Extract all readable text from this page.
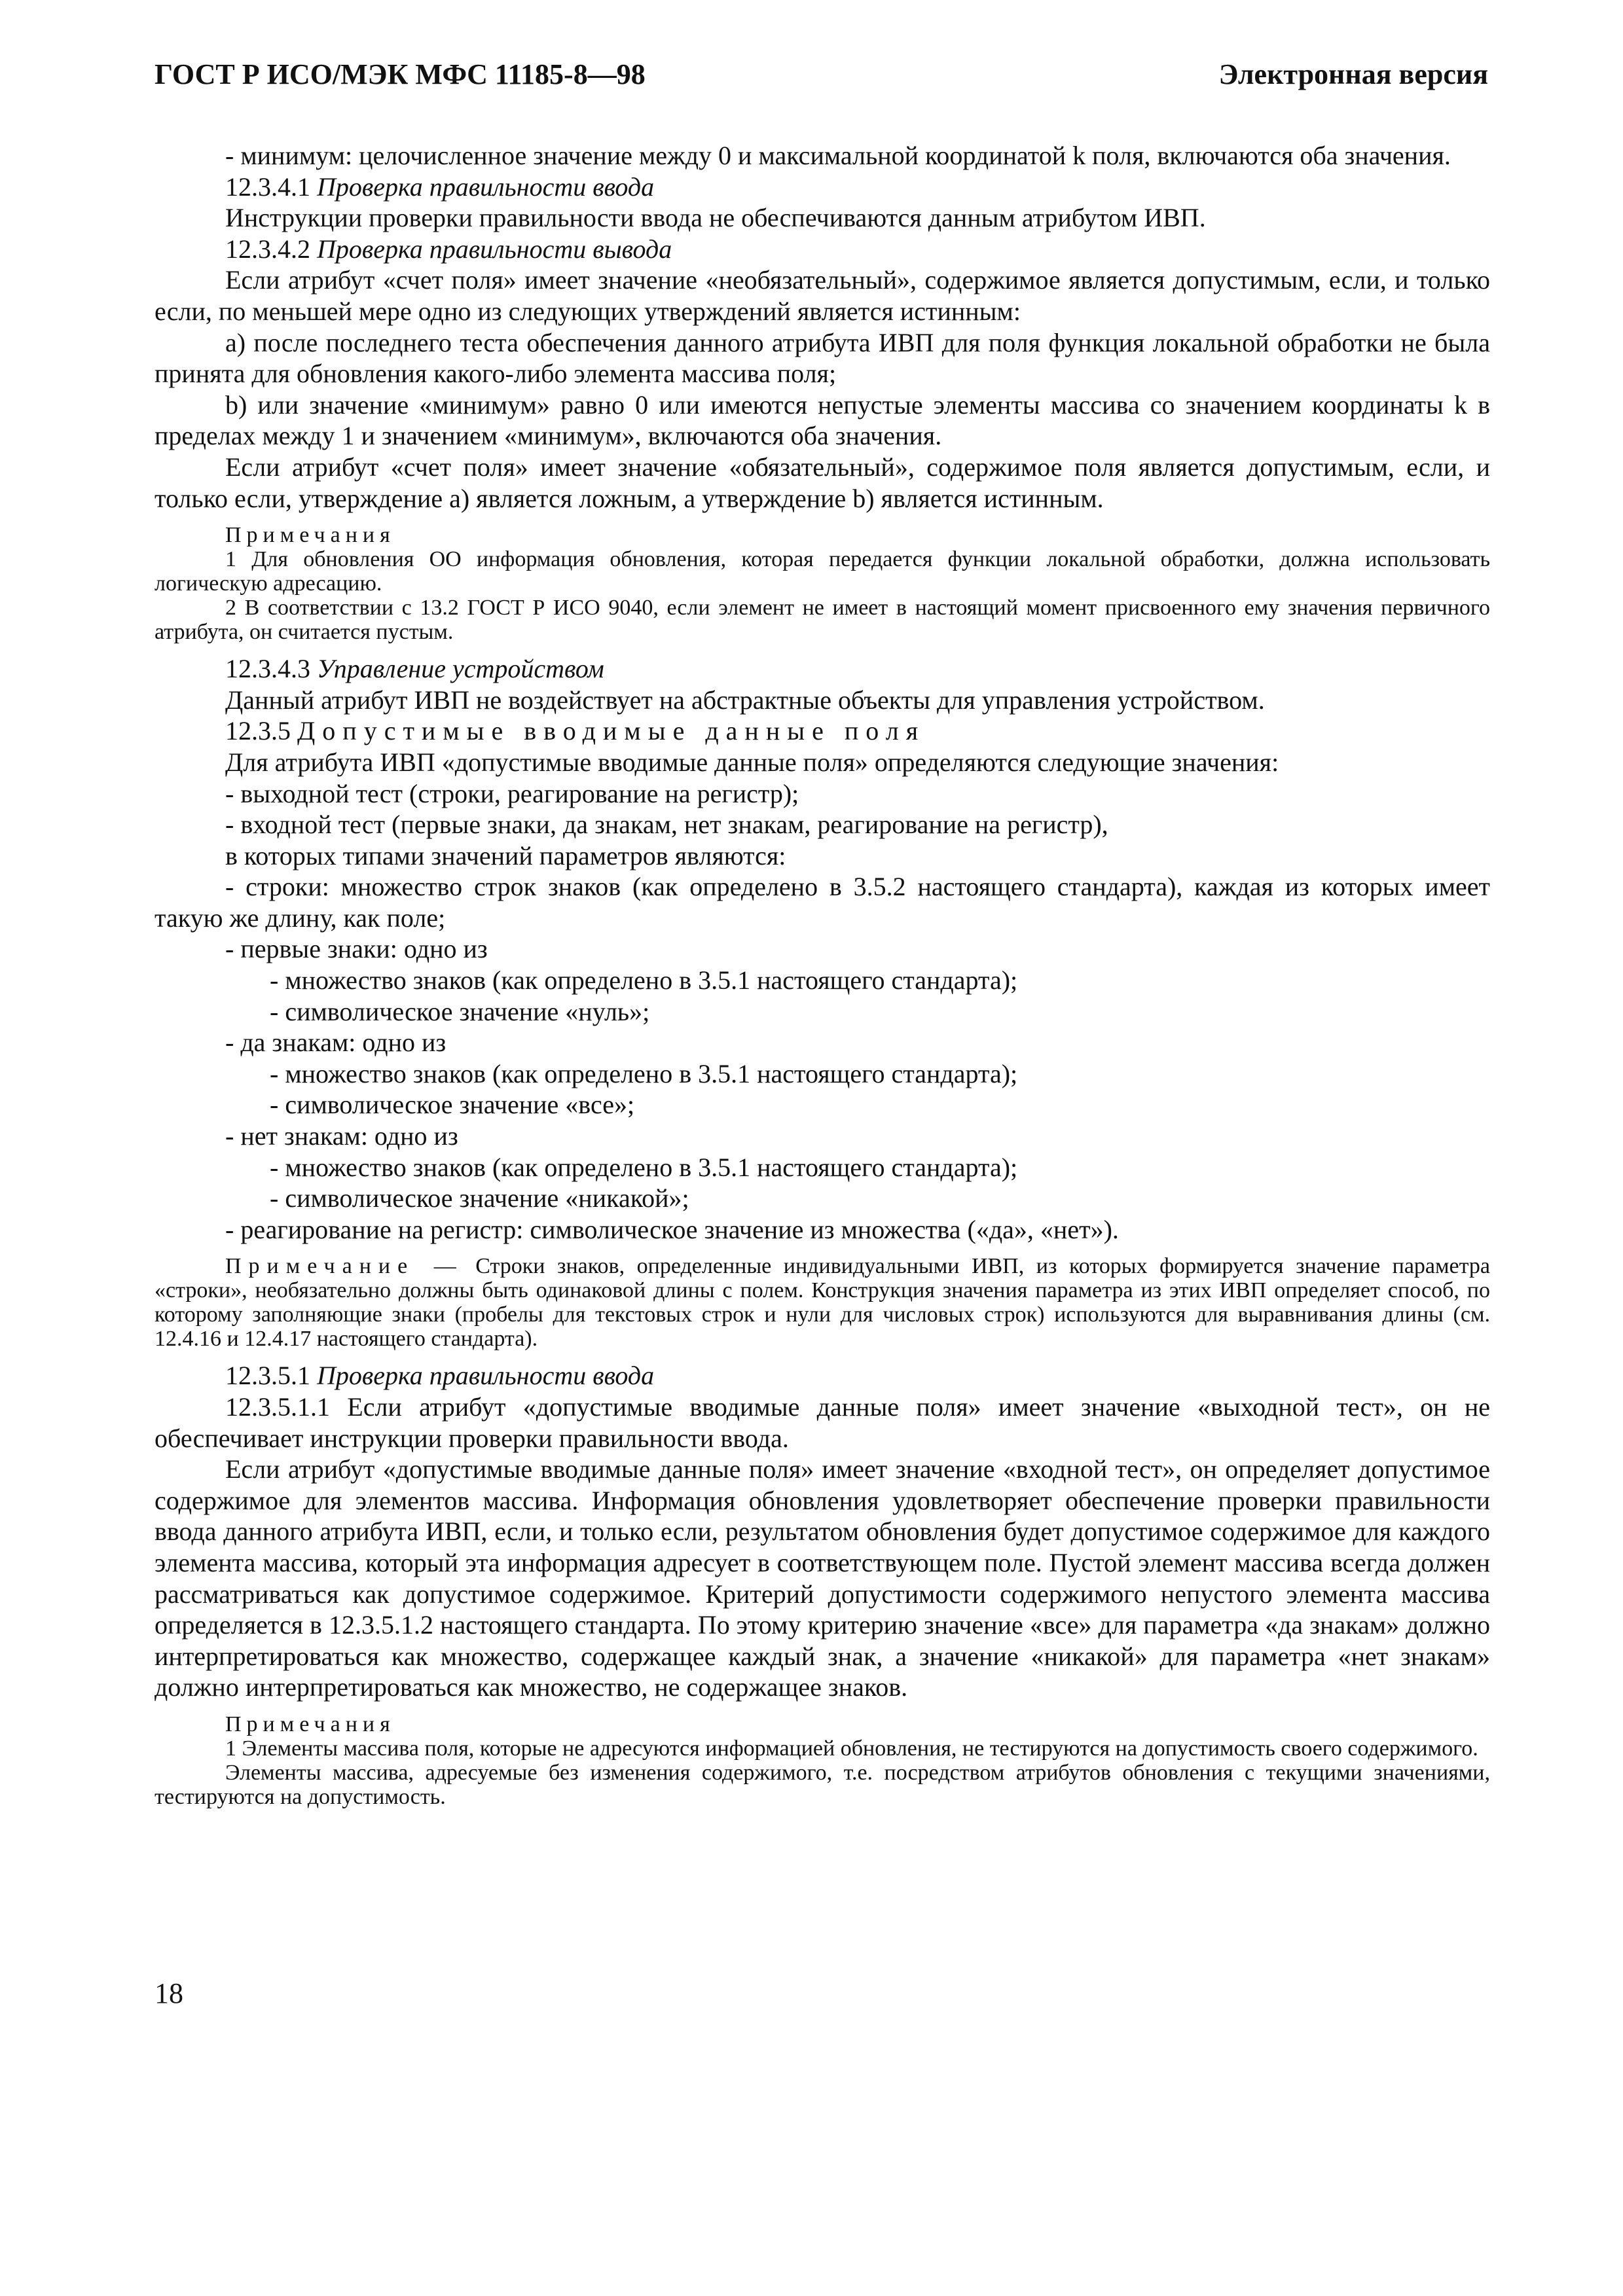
ГОСТ Р ИСО/МЭК МФС 11185-8—98	Электронная версия

- минимум: целочисленное значение между 0 и максимальной координатой k поля, включаются оба значения.

12.3.4.1 Проверка правильности ввода

Инструкции проверки правильности ввода не обеспечиваются данным атрибутом ИВП.

12.3.4.2 Проверка правильности вывода

Если атрибут «счет поля» имеет значение «необязательный», содержимое является допустимым, если, и только если, по меньшей мере одно из следующих утверждений является истинным:

a) после последнего теста обеспечения данного атрибута ИВП для поля функция локальной обработки не была принята для обновления какого-либо элемента массива поля;

b) или значение «минимум» равно 0 или имеются непустые элементы массива со значением координаты k в пределах между 1 и значением «минимум», включаются оба значения.

Если атрибут «счет поля» имеет значение «обязательный», содержимое поля является допустимым, если, и только если, утверждение a) является ложным, а утверждение b) является истинным.

Примечания

1 Для обновления ОО информация обновления, которая передается функции локальной обработки, должна использовать логическую адресацию.

2 В соответствии с 13.2 ГОСТ Р ИСО 9040, если элемент не имеет в настоящий момент присвоенного ему значения первичного атрибута, он считается пустым.

12.3.4.3 Управление устройством

Данный атрибут ИВП не воздействует на абстрактные объекты для управления устройством.

12.3.5 Допустимые вводимые данные поля

Для атрибута ИВП «допустимые вводимые данные поля» определяются следующие значения:

- выходной тест (строки, реагирование на регистр);

- входной тест (первые знаки, да знакам, нет знакам, реагирование на регистр),

в которых типами значений параметров являются:

- строки: множество строк знаков (как определено в 3.5.2 настоящего стандарта), каждая из которых имеет такую же длину, как поле;

- первые знаки: одно из

- множество знаков (как определено в 3.5.1 настоящего стандарта);

- символическое значение «нуль»;

- да знакам: одно из

- множество знаков (как определено в 3.5.1 настоящего стандарта);

- символическое значение «все»;

- нет знакам: одно из

- множество знаков (как определено в 3.5.1 настоящего стандарта);

- символическое значение «никакой»;

- реагирование на регистр: символическое значение из множества («да», «нет»).

Примечание — Строки знаков, определенные индивидуальными ИВП, из которых формируется значение параметра «строки», необязательно должны быть одинаковой длины с полем. Конструкция значения параметра из этих ИВП определяет способ, по которому заполняющие знаки (пробелы для текстовых строк и нули для числовых строк) используются для выравнивания длины (см. 12.4.16 и 12.4.17 настоящего стандарта).

12.3.5.1 Проверка правильности ввода

12.3.5.1.1 Если атрибут «допустимые вводимые данные поля» имеет значение «выходной тест», он не обеспечивает инструкции проверки правильности ввода.

Если атрибут «допустимые вводимые данные поля» имеет значение «входной тест», он определяет допустимое содержимое для элементов массива. Информация обновления удовлетворяет обеспечение проверки правильности ввода данного атрибута ИВП, если, и только если, результатом обновления будет допустимое содержимое для каждого элемента массива, который эта информация адресует в соответствующем поле. Пустой элемент массива всегда должен рассматриваться как допустимое содержимое. Критерий допустимости содержимого непустого элемента массива определяется в 12.3.5.1.2 настоящего стандарта. По этому критерию значение «все» для параметра «да знакам» должно интерпретироваться как множество, содержащее каждый знак, а значение «никакой» для параметра «нет знакам» должно интерпретироваться как множество, не содержащее знаков.

Примечания

1 Элементы массива поля, которые не адресуются информацией обновления, не тестируются на допустимость своего содержимого.

Элементы массива, адресуемые без изменения содержимого, т.е. посредством атрибутов обновления с текущими значениями, тестируются на допустимость.

18
